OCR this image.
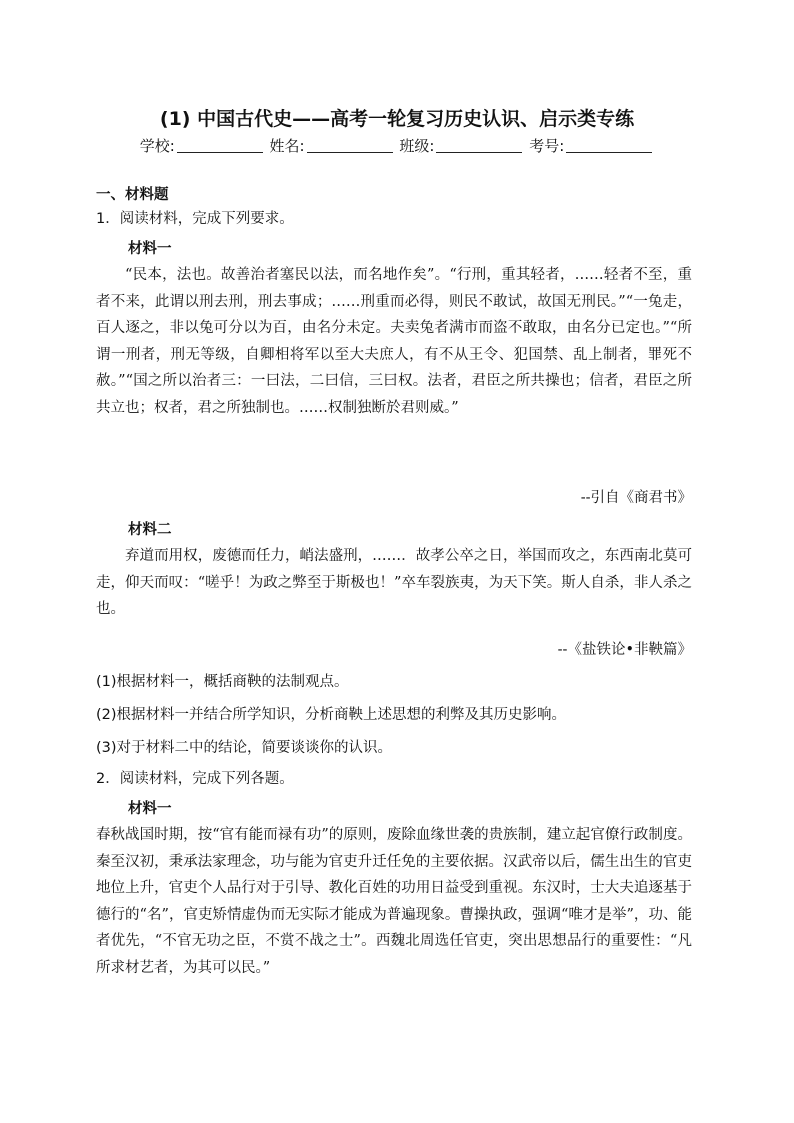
(1) 中国古代史——高考一轮复习历史认识、启示类专练
学校:	姓名:	班级:	考号:
一、材料题
1．阅读材料，完成下列要求。
材料一

“民本，法也。故善治者塞民以法，而名地作矣”。“行刑，重其轻者，……轻者不至，重者不来，此谓以刑去刑，刑去事成；……刑重而必得，则民不敢试，故国无刑民。”“一兔走，百人逐之，非以兔可分以为百，由名分未定。夫卖兔者满市而盗不敢取，由名分已定也。”“所谓一刑者，刑无等级，自卿相将军以至大夫庶人，有不从王令、犯国禁、乱上制者，罪死不赦。”“国之所以治者三：一曰法，二曰信，三曰权。法者，君臣之所共操也；信者，君臣之所共立也；权者，君之所独制也。……权制独断於君则威。”

--引自《商君书》
材料二

弃道而用权，废德而任力，峭法盛刑，……．故孝公卒之日，举国而攻之，东西南北莫可走，仰天而叹：“嗟乎！为政之弊至于斯极也！”卒车裂族夷，为天下笑。斯人自杀，非人杀之也。

--《盐铁论•非鞅篇》
(1)根据材料一，概括商鞅的法制观点。
(2)根据材料一并结合所学知识，分析商鞅上述思想的利弊及其历史影响。
(3)对于材料二中的结论，简要谈谈你的认识。
2．阅读材料，完成下列各题。
材料一

春秋战国时期，按“官有能而禄有功”的原则，废除血缘世袭的贵族制，建立起官僚行政制度。秦至汉初，秉承法家理念，功与能为官吏升迁任免的主要依据。汉武帝以后，儒生出生的官吏地位上升，官吏个人品行对于引导、教化百姓的功用日益受到重视。东汉时，士大夫追逐基于德行的“名”，官吏矫情虚伪而无实际才能成为普遍现象。曹操执政，强调“唯才是举”，功、能者优先，“不官无功之臣，不赏不战之士”。西魏北周选任官吏，突出思想品行的重要性：“凡所求材艺者，为其可以民。”
